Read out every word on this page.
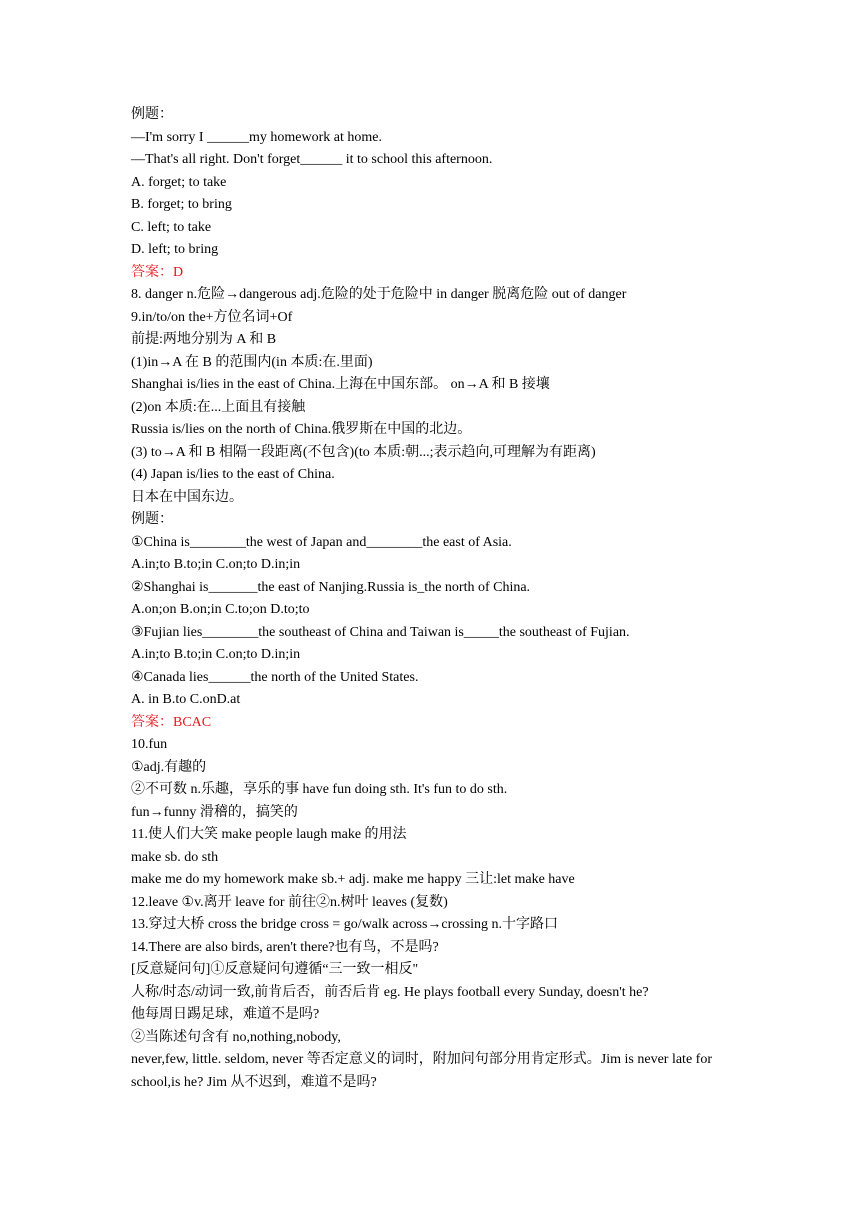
例题：
—I'm sorry I ______my homework at home.
—That's all right. Don't forget______ it to school this afternoon.
A. forget; to take
B. forget; to bring
C. left; to take
D. left; to bring
答案：D
8. danger n.危险→dangerous adj.危险的处于危险中 in danger 脱离危险 out of danger
9.in/to/on the+方位名词+Of
前提:两地分别为 A 和 B
(1)in→A 在 B 的范围内(in 本质:在.里面)
Shanghai is/lies in the east of China.上海在中国东部。 on→A 和 B 接壤
(2)on 本质:在...上面且有接触
Russia is/lies on the north of China.俄罗斯在中国的北边。
(3) to→A 和 B 相隔一段距离(不包含)(to 本质:朝...;表示趋向,可理解为有距离)
(4) Japan is/lies to the east of China.
日本在中国东边。
例题：
①China is________the west of Japan and________the east of Asia.
A.in;to B.to;in C.on;to D.in;in
②Shanghai is_______the east of Nanjing.Russia is_the north of China.
A.on;on B.on;in C.to;on D.to;to
③Fujian lies________the southeast of China and Taiwan is_____the southeast of Fujian.
A.in;to B.to;in C.on;to D.in;in
④Canada lies______the north of the United States.
A. in B.to C.onD.at
答案：BCAC
10.fun
①adj.有趣的
②不可数 n.乐趣，享乐的事 have fun doing sth. It's fun to do sth.
fun→funny 滑稽的，搞笑的
11.使人们大笑 make people laugh make 的用法
make sb. do sth
make me do my homework make sb.+ adj. make me happy 三让:let make have
12.leave ①v.离开 leave for 前往②n.树叶 leaves (复数)
13.穿过大桥 cross the bridge cross = go/walk across→crossing n.十字路口
14.There are also birds, aren't there?也有鸟，不是吗?
[反意疑问句]①反意疑问句遵循“三一致一相反"
人称/时态/动词一致,前肯后否，前否后肯 eg. He plays football every Sunday, doesn't he?
他每周日踢足球，难道不是吗?
②当陈述句含有 no,nothing,nobody,
never,few, little. seldom, never 等否定意义的词时，附加问句部分用肯定形式。Jim is never late for school,is he? Jim 从不迟到，难道不是吗?
